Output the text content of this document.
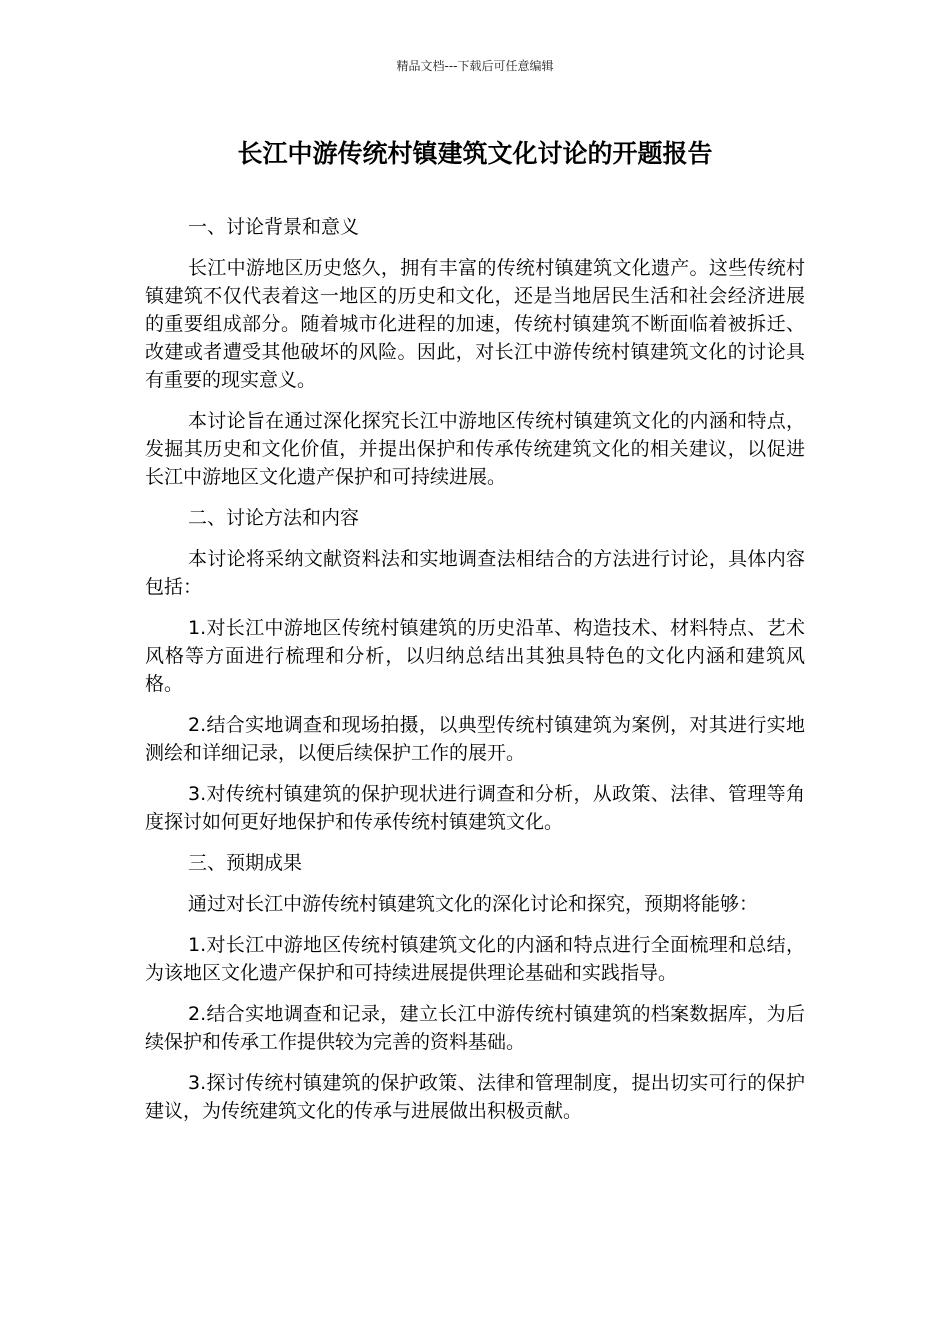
精品文档---下载后可任意编辑
长江中游传统村镇建筑文化讨论的开题报告

一、讨论背景和意义

长江中游地区历史悠久，拥有丰富的传统村镇建筑文化遗产。这些传统村镇建筑不仅代表着这一地区的历史和文化，还是当地居民生活和社会经济进展的重要组成部分。随着城市化进程的加速，传统村镇建筑不断面临着被拆迁、改建或者遭受其他破坏的风险。因此，对长江中游传统村镇建筑文化的讨论具有重要的现实意义。

本讨论旨在通过深化探究长江中游地区传统村镇建筑文化的内涵和特点，发掘其历史和文化价值，并提出保护和传承传统建筑文化的相关建议，以促进长江中游地区文化遗产保护和可持续进展。

二、讨论方法和内容

本讨论将采纳文献资料法和实地调查法相结合的方法进行讨论，具体内容包括：

1.对长江中游地区传统村镇建筑的历史沿革、构造技术、材料特点、艺术风格等方面进行梳理和分析，以归纳总结出其独具特色的文化内涵和建筑风格。

2.结合实地调查和现场拍摄，以典型传统村镇建筑为案例，对其进行实地测绘和详细记录，以便后续保护工作的展开。

3.对传统村镇建筑的保护现状进行调查和分析，从政策、法律、管理等角度探讨如何更好地保护和传承传统村镇建筑文化。

三、预期成果

通过对长江中游传统村镇建筑文化的深化讨论和探究，预期将能够：

1.对长江中游地区传统村镇建筑文化的内涵和特点进行全面梳理和总结，为该地区文化遗产保护和可持续进展提供理论基础和实践指导。

2.结合实地调查和记录，建立长江中游传统村镇建筑的档案数据库，为后续保护和传承工作提供较为完善的资料基础。

3.探讨传统村镇建筑的保护政策、法律和管理制度，提出切实可行的保护建议，为传统建筑文化的传承与进展做出积极贡献。
